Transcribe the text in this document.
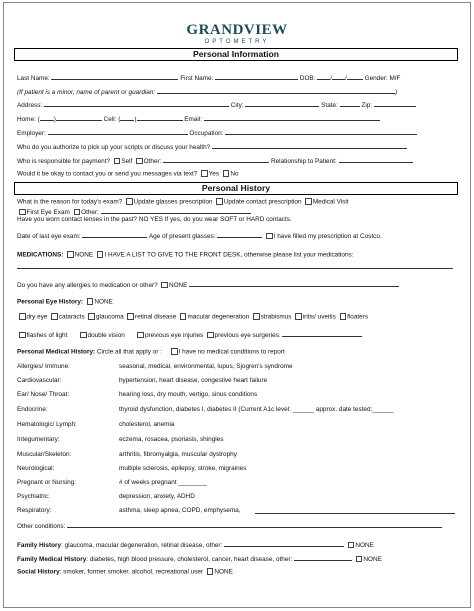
GRANDVIEW
OPTOMETRY
Personal Information
Last Name:	First Name:	DOB: / /	Gender: M/F
(If patient is a minor, name of parent or guardian:	)
Address:	City:	State:	Zip:
Home: ( )	Cell: ( )	Email:
Employer:	Occupation:
Who do you authorize to pick up your scripts or discuss your health?
Who is responsible for payment? Self Other:	Relationship to Patient:
Would it be okay to contact you or send you messages via text? Yes No
Personal History
What is the reason for today's exam? Update glasses prescription Update contact prescription Medical Visit
First Eye Exam Other:
Have you worn contact lenses in the past? NO YES If yes, do you wear SOFT or HARD contacts.
Date of last eye exam:	Age of present glasses:	I have filled my prescription at Costco.
MEDICATIONS: NONE I HAVE A LIST TO GIVE TO THE FRONT DESK, otherwise please list your medications:
Do you have any allergies to medication or other? NONE
Personal Eye History: NONE
dry eye cataracts glaucoma retinal disease macular degeneration strabismus iritis/ uveitis floaters
flashes of light	double vision	previous eye injuries previous eye surgeries:
Personal Medical History: Circle all that apply or :	I have no medical conditions to report
Allergies/ Immune:	seasonal, medical, environmental, lupus, Sjogren's syndrome
Cardiovascular:	hypertension, heart disease, congestive heart failure
Ear/ Nose/ Throat:	hearing loss, dry mouth, vertigo, sinus conditions
Endocrine:	thyroid dysfunction, diabetes I, diabetes II (Current A1c level: ______ approx. date tested:______
Hematologic/ Lymph:	cholesterol, anemia
Integumentary:	eczema, rosacea, psoriasis, shingles
Muscular/Skeleton:	arthritis, fibromyalgia, muscular dystrophy
Neurological:	multiple sclerosis, epilepsy, stroke, migraines
Pregnant or Nursing:	# of weeks pregnant ________
Psychiatric:	depression, anxiety, ADHD
Respiratory:	asthma, sleep apnea, COPD, emphysema,
Other conditions:
Family History: glaucoma, macular degeneration, retinal disease, other:	NONE
Family Medical History: diabetes, high blood pressure, cholesterol, cancer, heart disease, other:	NONE
Social History: smoker, former smoker, alcohol, recreational user NONE
